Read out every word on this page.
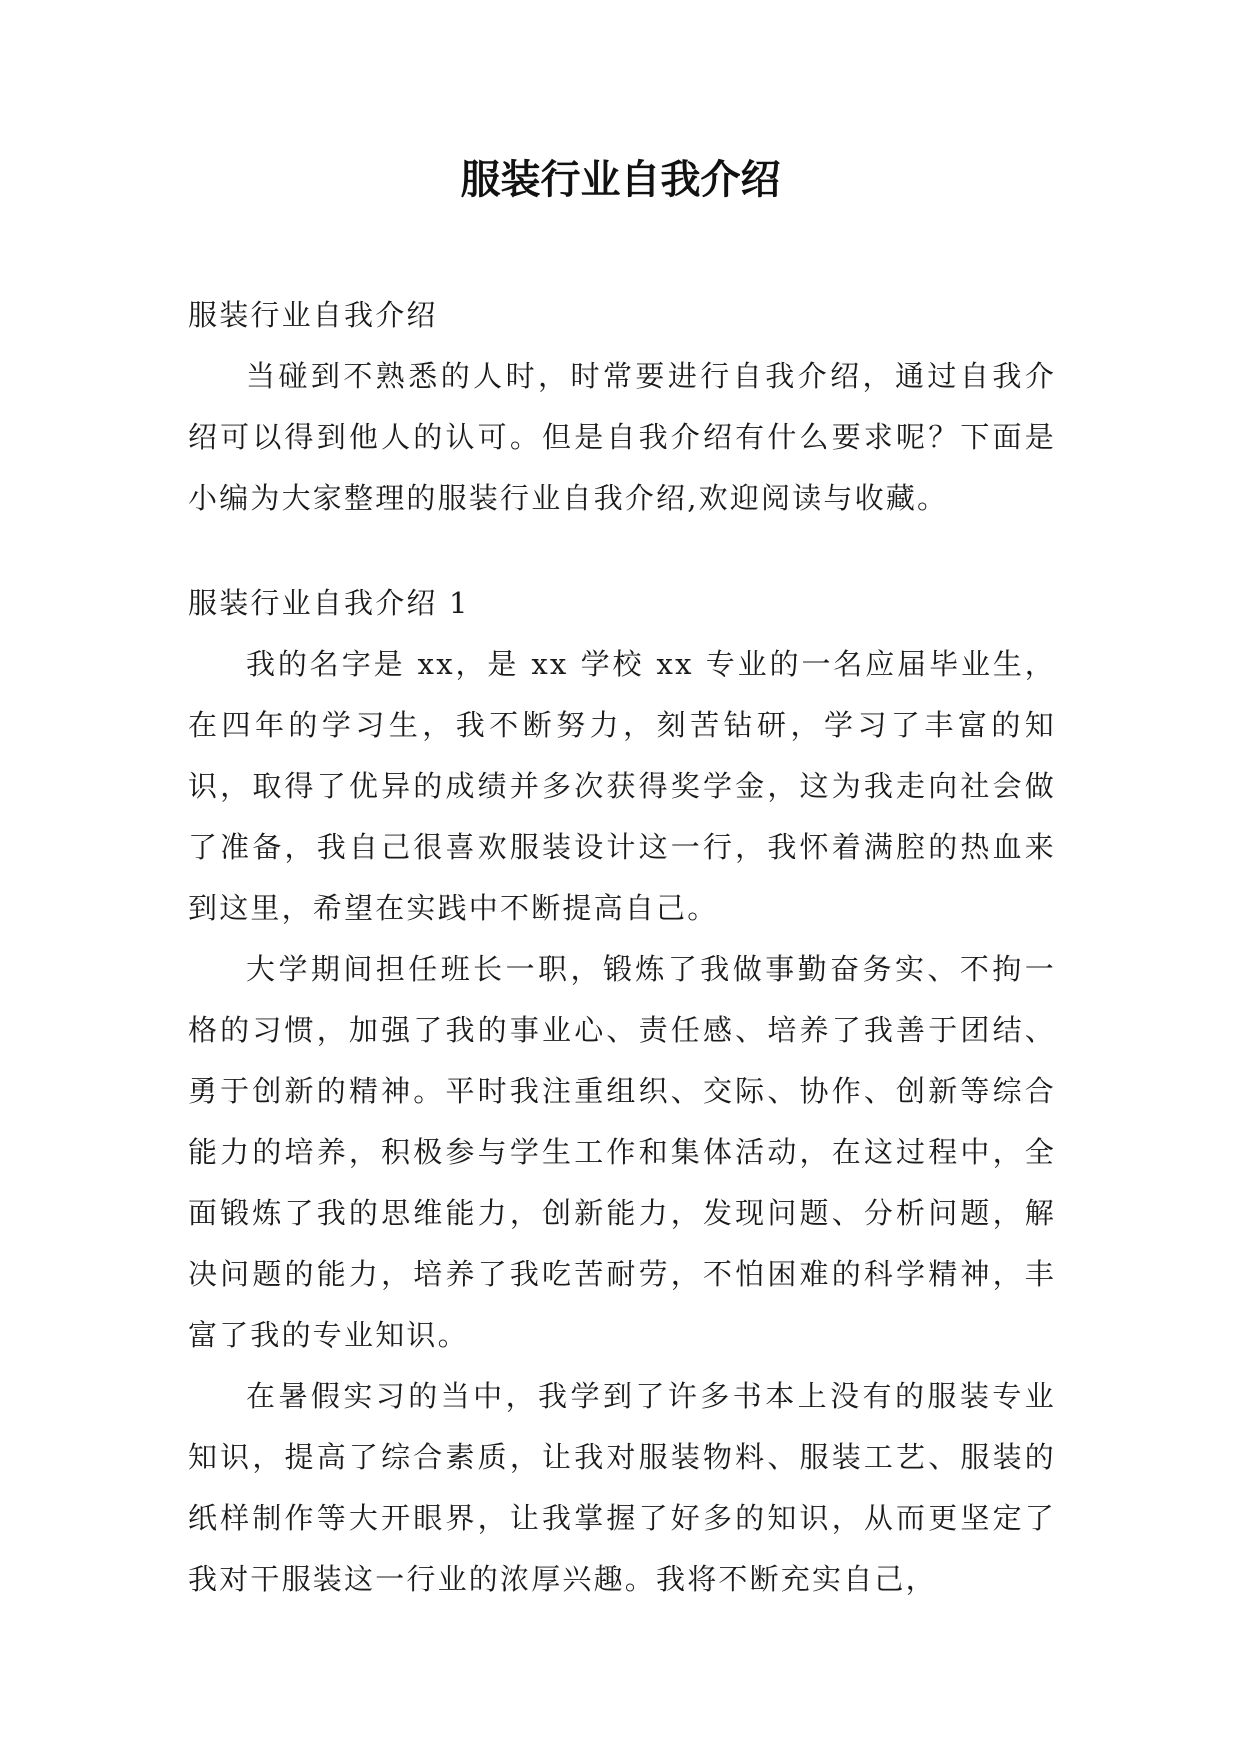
服装行业自我介绍

服装行业自我介绍

当碰到不熟悉的人时，时常要进行自我介绍，通过自我介绍可以得到他人的认可。但是自我介绍有什么要求呢？下面是小编为大家整理的服装行业自我介绍,欢迎阅读与收藏。

服装行业自我介绍 1

我的名字是 xx，是 xx 学校 xx 专业的一名应届毕业生，在四年的学习生，我不断努力，刻苦钻研，学习了丰富的知识，取得了优异的成绩并多次获得奖学金，这为我走向社会做了准备，我自己很喜欢服装设计这一行，我怀着满腔的热血来到这里，希望在实践中不断提高自己。

大学期间担任班长一职，锻炼了我做事勤奋务实、不拘一格的习惯，加强了我的事业心、责任感、培养了我善于团结、勇于创新的精神。平时我注重组织、交际、协作、创新等综合能力的培养，积极参与学生工作和集体活动，在这过程中，全面锻炼了我的思维能力，创新能力，发现问题、分析问题，解决问题的能力，培养了我吃苦耐劳，不怕困难的科学精神，丰富了我的专业知识。

在暑假实习的当中，我学到了许多书本上没有的服装专业知识，提高了综合素质，让我对服装物料、服装工艺、服装的纸样制作等大开眼界，让我掌握了好多的知识，从而更坚定了我对干服装这一行业的浓厚兴趣。我将不断充实自己，
